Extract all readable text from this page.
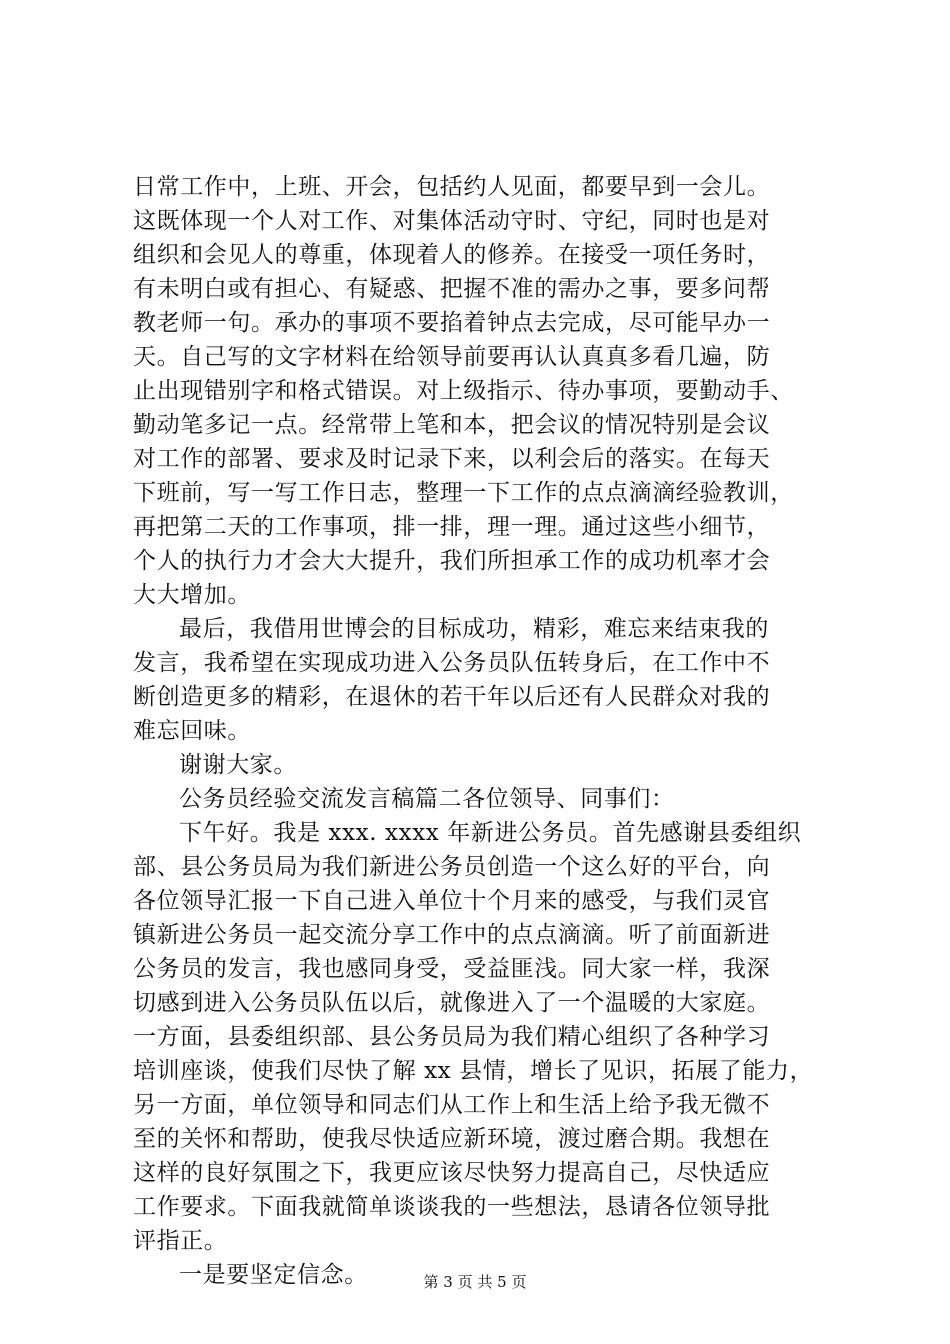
日常工作中，上班、开会，包括约人见面，都要早到一会儿。
这既体现一个人对工作、对集体活动守时、守纪，同时也是对
组织和会见人的尊重，体现着人的修养。在接受一项任务时，
有未明白或有担心、有疑惑、把握不准的需办之事，要多问帮
教老师一句。承办的事项不要掐着钟点去完成，尽可能早办一
天。自己写的文字材料在给领导前要再认认真真多看几遍，防
止出现错别字和格式错误。对上级指示、待办事项，要勤动手、
勤动笔多记一点。经常带上笔和本，把会议的情况特别是会议
对工作的部署、要求及时记录下来，以利会后的落实。在每天
下班前，写一写工作日志，整理一下工作的点点滴滴经验教训，
再把第二天的工作事项，排一排，理一理。通过这些小细节，
个人的执行力才会大大提升，我们所担承工作的成功机率才会
大大增加。
最后，我借用世博会的目标成功，精彩，难忘来结束我的
发言，我希望在实现成功进入公务员队伍转身后，在工作中不
断创造更多的精彩，在退休的若干年以后还有人民群众对我的
难忘回味。
谢谢大家。
公务员经验交流发言稿篇二各位领导、同事们：
下午好。我是 xxx. xxxx 年新进公务员。首先感谢县委组织
部、县公务员局为我们新进公务员创造一个这么好的平台，向
各位领导汇报一下自己进入单位十个月来的感受，与我们灵官
镇新进公务员一起交流分享工作中的点点滴滴。听了前面新进
公务员的发言，我也感同身受，受益匪浅。同大家一样，我深
切感到进入公务员队伍以后，就像进入了一个温暖的大家庭。
一方面，县委组织部、县公务员局为我们精心组织了各种学习
培训座谈，使我们尽快了解 xx 县情，增长了见识，拓展了能力，
另一方面，单位领导和同志们从工作上和生活上给予我无微不
至的关怀和帮助，使我尽快适应新环境，渡过磨合期。我想在
这样的良好氛围之下，我更应该尽快努力提高自己，尽快适应
工作要求。下面我就简单谈谈我的一些想法，恳请各位领导批
评指正。
一是要坚定信念。	第 3 页 共 5 页
